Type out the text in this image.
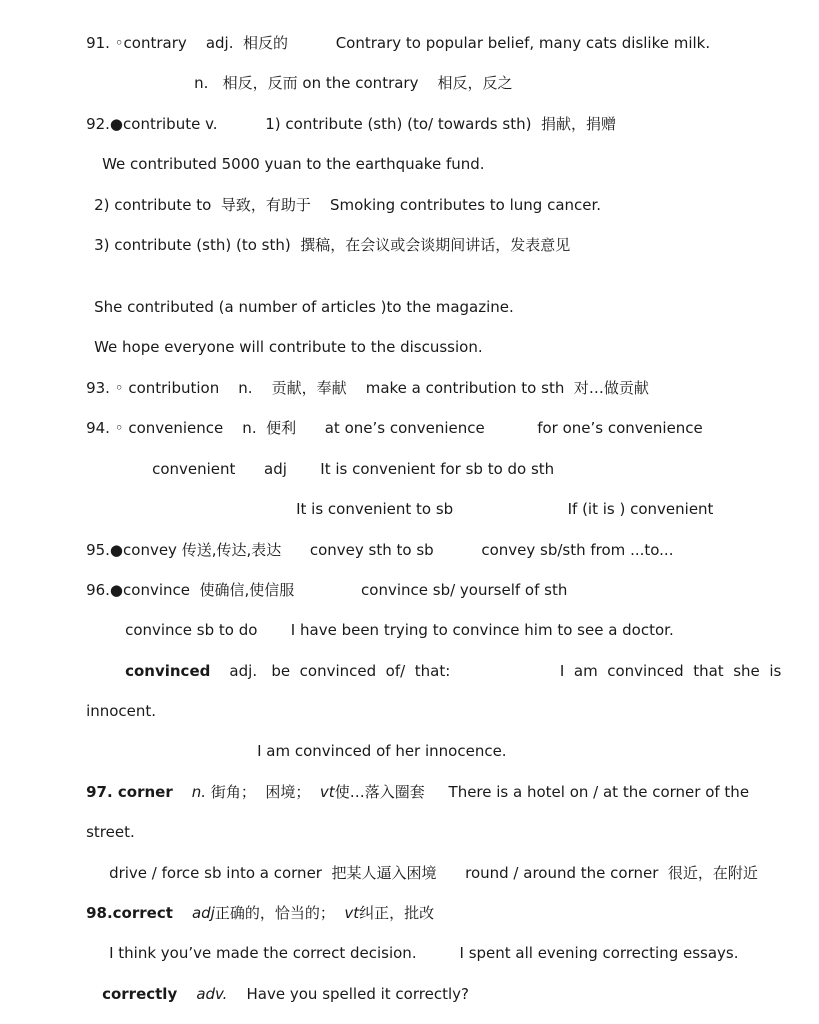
91. ◦contrary    adj.  相反的          Contrary to popular belief, many cats dislike milk.

n.   相反，反而 on the contrary    相反，反之

92.●contribute v.          1) contribute (sth) (to/ towards sth)  捐献，捐赠

We contributed 5000 yuan to the earthquake fund.

2) contribute to  导致，有助于    Smoking contributes to lung cancer.

3) contribute (sth) (to sth)  撰稿，在会议或会谈期间讲话，发表意见

She contributed (a number of articles )to the magazine.

We hope everyone will contribute to the discussion.

93. ◦ contribution    n.    贡献，奉献    make a contribution to sth  对…做贡献

94. ◦ convenience    n.  便利      at one’s convenience           for one’s convenience

convenient      adj       It is convenient for sb to do sth

It is convenient to sb                        If (it is ) convenient

95.●convey 传送,传达,表达      convey sth to sb          convey sb/sth from ...to...

96.●convince  使确信,使信服              convince sb/ yourself of sth

convince sb to do       I have been trying to convince him to see a doctor.

convinced    adj.   be  convinced  of/  that:                       I  am  convinced  that  she  is

innocent.

I am convinced of her innocence.

97. corner n. 街角；  困境；  vt使…落入圈套     There is a hotel on / at the corner of the

street.

drive / force sb into a corner  把某人逼入困境      round / around the corner  很近，在附近

98.correct adj正确的，恰当的；  vt纠正，批改

I think you’ve made the correct decision.         I spent all evening correcting essays.

correctly adv.    Have you spelled it correctly?
